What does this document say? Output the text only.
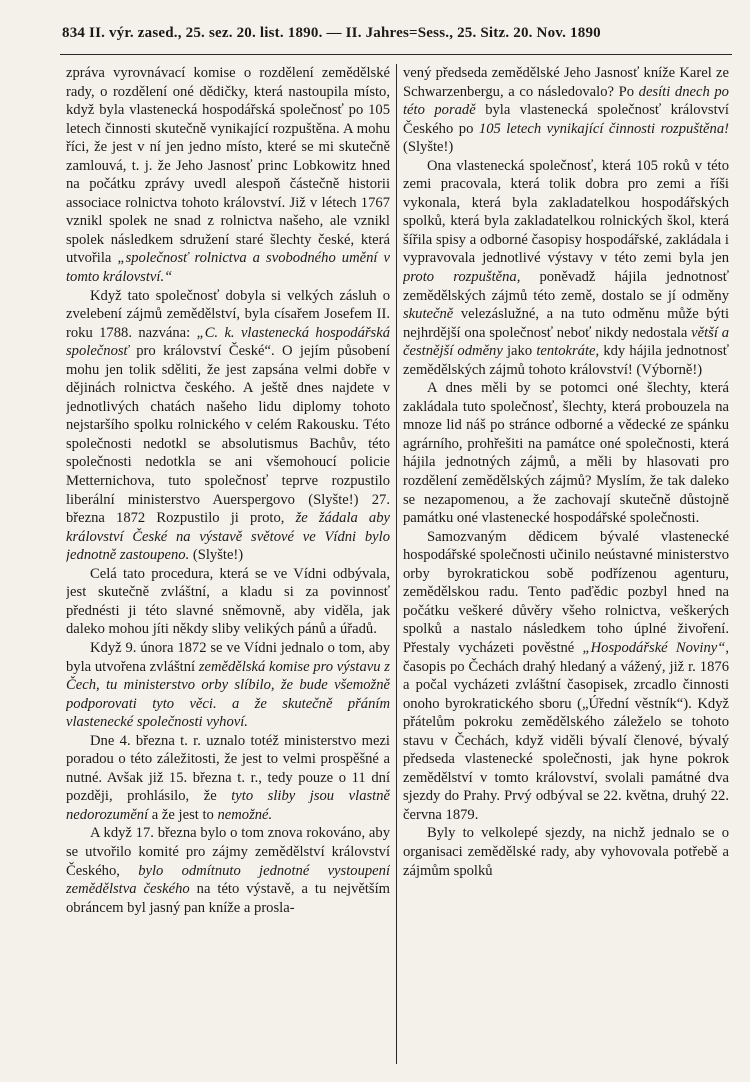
834 II. výr. zased., 25. sez. 20. list. 1890. — II. Jahres=Sess., 25. Sitz. 20. Nov. 1890

zpráva vyrovnávací komise o rozdělení zemědělské rady, o rozdělení oné dědičky, která nastoupila místo, když byla vlastenecká hospodářská společnosť po 105 letech činnosti skutečně vynikající rozpuštěna. A mohu říci, že jest v ní jen jedno místo, které se mi skutečně zamlouvá, t. j. že Jeho Jasnosť princ Lobkowitz hned na počátku zprávy uvedl alespoň částečně historii associace rolnictva tohoto království. Již v létech 1767 vznikl spolek ne snad z rolnictva našeho, ale vznikl spolek následkem sdružení staré šlechty české, která utvořila „společnosť rolnictva a svobodného umění v tomto království.“

Když tato společnosť dobyla si velkých zásluh o zvelebení zájmů zemědělství, byla císařem Josefem II. roku 1788. nazvána: „C. k. vlastenecká hospodářská společnosť pro království České“. O jejím působení mohu jen tolik sděliti, že jest zapsána velmi dobře v dějinách rolnictva českého. A ještě dnes najdete v jednotlivých chatách našeho lidu diplomy tohoto nejstaršího spolku rolnického v celém Rakousku. Této společnosti nedotkl se absolutismus Bachův, této společnosti nedotkla se ani všemohoucí policie Metternichova, tuto společnosť teprve rozpustilo liberální ministerstvo Auerspergovo (Slyšte!) 27. března 1872 Rozpustilo ji proto, že žádala aby království České na výstavě světové ve Vídni bylo jednotně zastoupeno. (Slyšte!)

Celá tato procedura, která se ve Vídni odbývala, jest skutečně zvláštní, a kladu si za povinnosť přednésti ji této slavné sněmovně, aby viděla, jak daleko mohou jíti někdy sliby velikých pánů a úřadů.

Když 9. února 1872 se ve Vídni jednalo o tom, aby byla utvořena zvláštní zemědělská komise pro výstavu z Čech, tu ministerstvo orby slíbilo, že bude všemožně podporovati tyto věci. a že skutečně přáním vlastenecké společnosti vyhoví.

Dne 4. března t. r. uznalo totéž ministerstvo mezi poradou o této záležitosti, že jest to velmi prospěšné a nutné. Avšak již 15. března t. r., tedy pouze o 11 dní později, prohlásilo, že tyto sliby jsou vlastně nedorozumění a že jest to nemožné.

A když 17. března bylo o tom znova rokováno, aby se utvořilo komité pro zájmy zemědělství království Českého, bylo odmítnuto jednotné vystoupení zemědělstva českého na této výstavě, a tu největším obráncem byl jasný pan kníže a prosla-

vený předseda zemědělské Jeho Jasnosť kníže Karel ze Schwarzenbergu, a co následovalo? Po desíti dnech po této poradě byla vlastenecká společnosť království Českého po 105 letech vynikající činnosti rozpuštěna! (Slyšte!)

Ona vlastenecká společnosť, která 105 roků v této zemi pracovala, která tolik dobra pro zemi a říši vykonala, která byla zakladatelkou hospodářských spolků, která byla zakladatelkou rolnických škol, která šířila spisy a odborné časopisy hospodářské, zakládala i vypravovala jednotlivé výstavy v této zemi byla jen proto rozpuštěna, poněvadž hájila jednotnosť zemědělských zájmů této země, dostalo se jí odměny skutečně velezáslužné, a na tuto odměnu může býti nejhrdější ona společnosť neboť nikdy nedostala větší a čestnější odměny jako tentokráte, kdy hájila jednotnosť zemědělských zájmů tohoto království! (Výborně!)

A dnes měli by se potomci oné šlechty, která zakládala tuto společnosť, šlechty, která probouzela na mnoze lid náš po stránce odborné a vědecké ze spánku agrárního, prohřešiti na památce oné společnosti, která hájila jednotných zájmů, a měli by hlasovati pro rozdělení zemědělských zájmů? Myslím, že tak daleko se nezapomenou, a že zachovají skutečně důstojně památku oné vlastenecké hospodářské společnosti.

Samozvaným dědicem bývalé vlastenecké hospodářské společnosti učinilo neústavné ministerstvo orby byrokratickou sobě podřízenou agenturu, zemědělskou radu. Tento paďědic pozbyl hned na počátku veškeré důvěry všeho rolnictva, veškerých spolků a nastalo následkem toho úplné živoření. Přestaly vycházeti pověstné „Hospodářské Noviny“, časopis po Čechách drahý hledaný a vážený, již r. 1876 a počal vycházeti zvláštní časopisek, zrcadlo činnosti onoho byrokratického sboru („Úřední věstník“). Když přátelům pokroku zemědělského záleželo se tohoto stavu v Čechách, když viděli bývalí členové, bývalý předseda vlastenecké společnosti, jak hyne pokrok zemědělství v tomto království, svolali památné dva sjezdy do Prahy. Prvý odbýval se 22. května, druhý 22. června 1879.

Byly to velkolepé sjezdy, na nichž jednalo se o organisaci zemědělské rady, aby vyhovovala potřebě a zájmům spolků
